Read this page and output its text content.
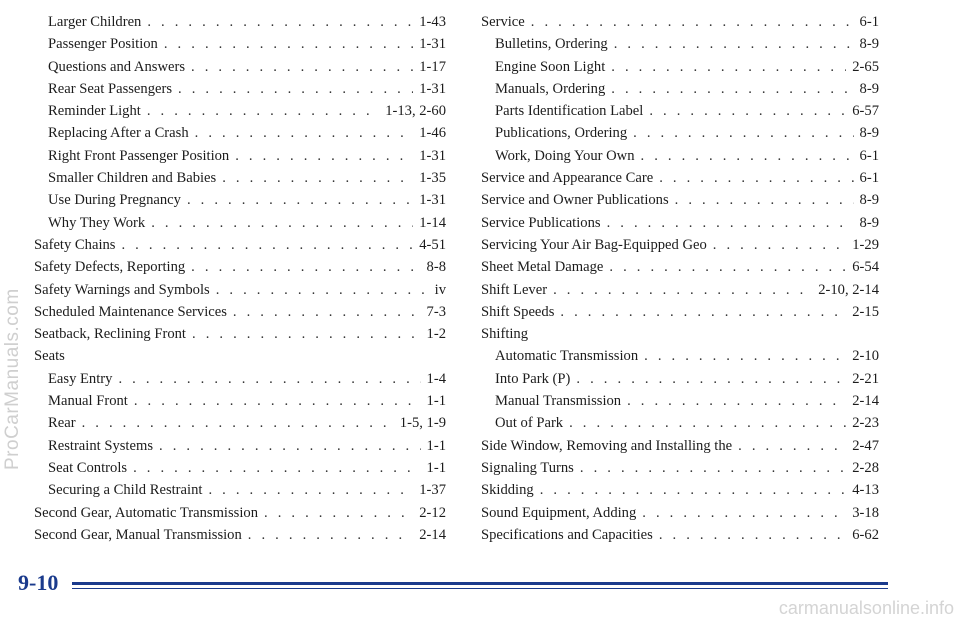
Larger Children . . .	1-43
Passenger Position . . .	1-31
Questions and Answers . . .	1-17
Rear Seat Passengers . . .	1-31
Reminder Light . . .	1-13, 2-60
Replacing After a Crash . . .	1-46
Right Front Passenger Position . . .	1-31
Smaller Children and Babies . . .	1-35
Use During Pregnancy . . .	1-31
Why They Work . . .	1-14
Safety Chains . . .	4-51
Safety Defects, Reporting . . .	8-8
Safety Warnings and Symbols . . .	iv
Scheduled Maintenance Services . . .	7-3
Seatback, Reclining Front . . .	1-2
Seats
Easy Entry . . .	1-4
Manual Front . . .	1-1
Rear . . .	1-5, 1-9
Restraint Systems . . .	1-1
Seat Controls . . .	1-1
Securing a Child Restraint . . .	1-37
Second Gear, Automatic Transmission . . .	2-12
Second Gear, Manual Transmission . . .	2-14
Service . . .	6-1
Bulletins, Ordering . . .	8-9
Engine Soon Light . . .	2-65
Manuals, Ordering . . .	8-9
Parts Identification Label . . .	6-57
Publications, Ordering . . .	8-9
Work, Doing Your Own . . .	6-1
Service and Appearance Care . . .	6-1
Service and Owner Publications . . .	8-9
Service Publications . . .	8-9
Servicing Your Air Bag-Equipped Geo . . .	1-29
Sheet Metal Damage . . .	6-54
Shift Lever . . .	2-10, 2-14
Shift Speeds . . .	2-15
Shifting
Automatic Transmission . . .	2-10
Into Park (P) . . .	2-21
Manual Transmission . . .	2-14
Out of Park . . .	2-23
Side Window, Removing and Installing the . . .	2-47
Signaling Turns . . .	2-28
Skidding . . .	4-13
Sound Equipment, Adding . . .	3-18
Specifications and Capacities . . .	6-62
ProCarManuals.com
9-10
carmanualsonline.info
